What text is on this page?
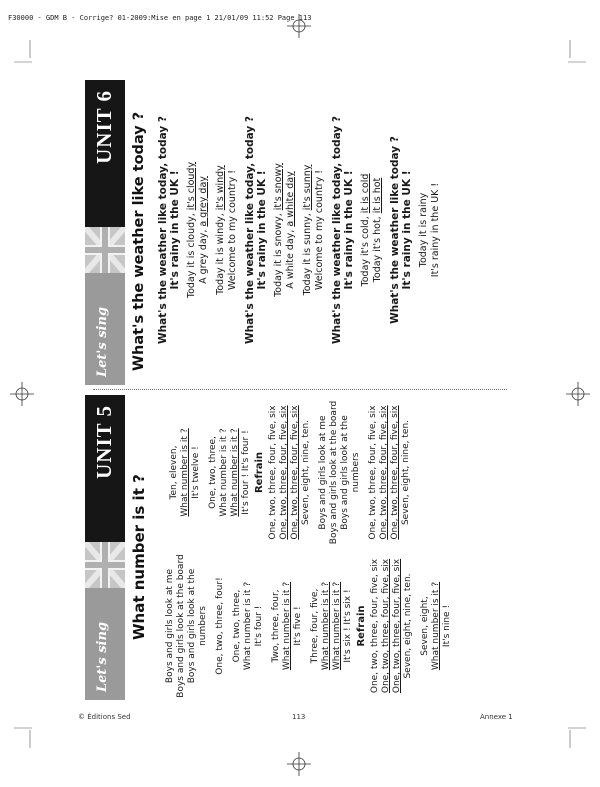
F30000 - GDM B - Corrige? 01-2009:Mise en page 1 21/01/09 11:52 Page 113
© Éditions Sed	113	Annexe 1
Let's sing
UNIT 5
What number is it ? Boys and girls look at me Boys and girls look at the board Boys and girls look at the numbers One, two, three, four! One, two, three, What number is it ? It's four ! Two, three, four, What number is it ? It's five ! Three, four, five, What number is it ? What number is it ? It's six ! It's six ! Refrain One, two, three, four, five, six One, two, three, four, five, six One, two, three, four, five, six Seven, eight, nine, ten. Seven, eight, What number is it ? It's nine !
Ten, eleven, What number is it ? It's twelve ! One, two, three, What number is it ? What number is it ? It's four ! It's four ! Refrain One, two, three, four, five, six One, two, three, four, five, six One, two, three, four, five, six Seven, eight, nine, ten. Boys and girls look at me Boys and girls look at the board Boys and girls look at the numbers One, two, three, four, five, six One, two, three, four, five, six One, two, three, four, five, six Seven, eight, nine, ten.
Let's sing
UNIT 6 What's the weather like today ? What's the weather like today, today ? It's rainy in the UK ! Today it is cloudy, it's cloudy
A grey day, a grey day
Today it is windy, it's windy Welcome to my country ! What's the weather like today, today ? It's rainy in the UK ! Today it is snowy, it's snowy
A white day, a white day
Today it is sunny, it's sunny Welcome to my country ! What's the weather like today, today ? It's rainy in the UK ! Today it's cold, it is cold
Today it's hot, it is hot What's the weather like today ? It's rainy in the UK ! Today it is rainy It's rainy in the UK !
